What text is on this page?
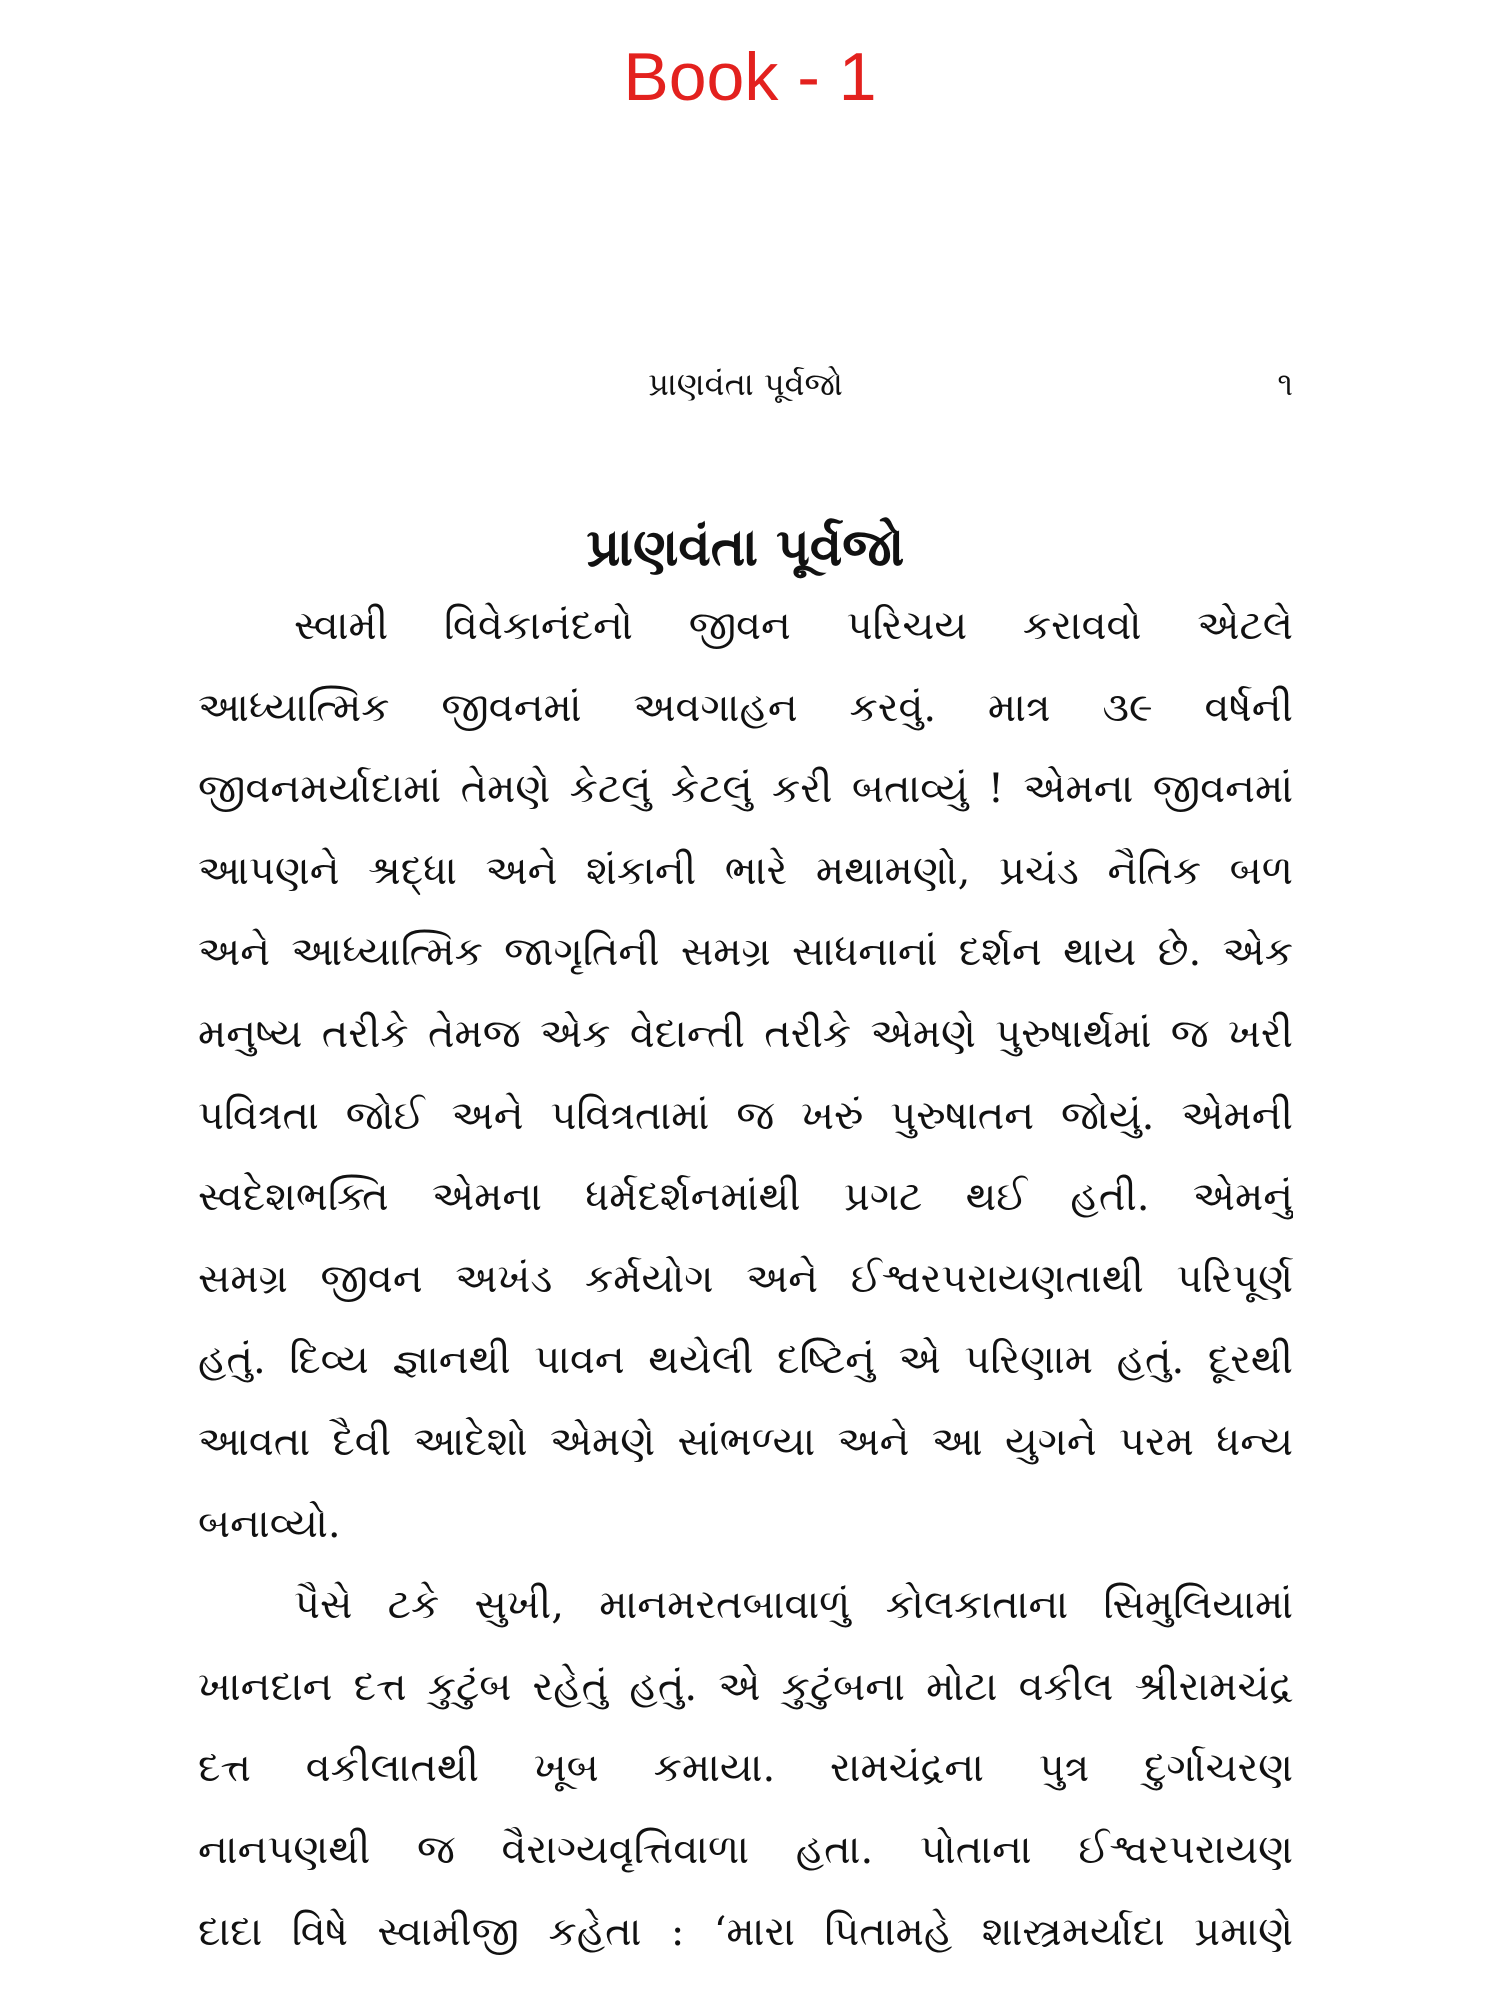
Book - 1
પ્રાણવંતા પૂર્વજો	૧
પ્રાણવંતા પૂર્વજો
સ્વામી વિવેકાનંદનો જીવન પરિચય કરાવવો એટલે
આધ્યાત્મિક જીવનમાં અવગાહન કરવું. માત્ર ૩૯ વર્ષની
જીવનમર્યાદામાં તેમણે કેટલું કેટલું કરી બતાવ્યું ! એમના જીવનમાં
આપણને શ્રદ્ધા અને શંકાની ભારે મથામણો, પ્રચંડ નૈતિક બળ
અને આધ્યાત્મિક જાગૃતિની સમગ્ર સાધનાનાં દર્શન થાય છે. એક
મનુષ્ય તરીકે તેમજ એક વેદાન્તી તરીકે એમણે પુરુષાર્થમાં જ ખરી
પવિત્રતા જોઈ અને પવિત્રતામાં જ ખરું પુરુષાતન જોયું. એમની
સ્વદેશભક્તિ એમના ધર્મદર્શનમાંથી પ્રગટ થઈ હતી. એમનું
સમગ્ર જીવન અખંડ કર્મયોગ અને ઈશ્વરપરાયણતાથી પરિપૂર્ણ
હતું. દિવ્ય જ્ઞાનથી પાવન થયેલી દષ્ટિનું એ પરિણામ હતું. દૂરથી
આવતા દૈવી આદેશો એમણે સાંભળ્યા અને આ યુગને પરમ ધન્ય
બનાવ્યો.
પૈસે ટકે સુખી, માનમરતબાવાળું કોલકાતાના સિમુલિયામાં
ખાનદાન દત્ત કુટુંબ રહેતું હતું. એ કુટુંબના મોટા વકીલ શ્રીરામચંદ્ર
દત્ત વકીલાતથી ખૂબ કમાયા. રામચંદ્રના પુત્ર દુર્ગાચરણ
નાનપણથી જ વૈરાગ્યવૃત્તિવાળા હતા. પોતાના ઈશ્વરપરાયણ
દાદા વિષે સ્વામીજી કહેતા : ‘મારા પિતામહે શાસ્ત્રમર્યાદા પ્રમાણે
